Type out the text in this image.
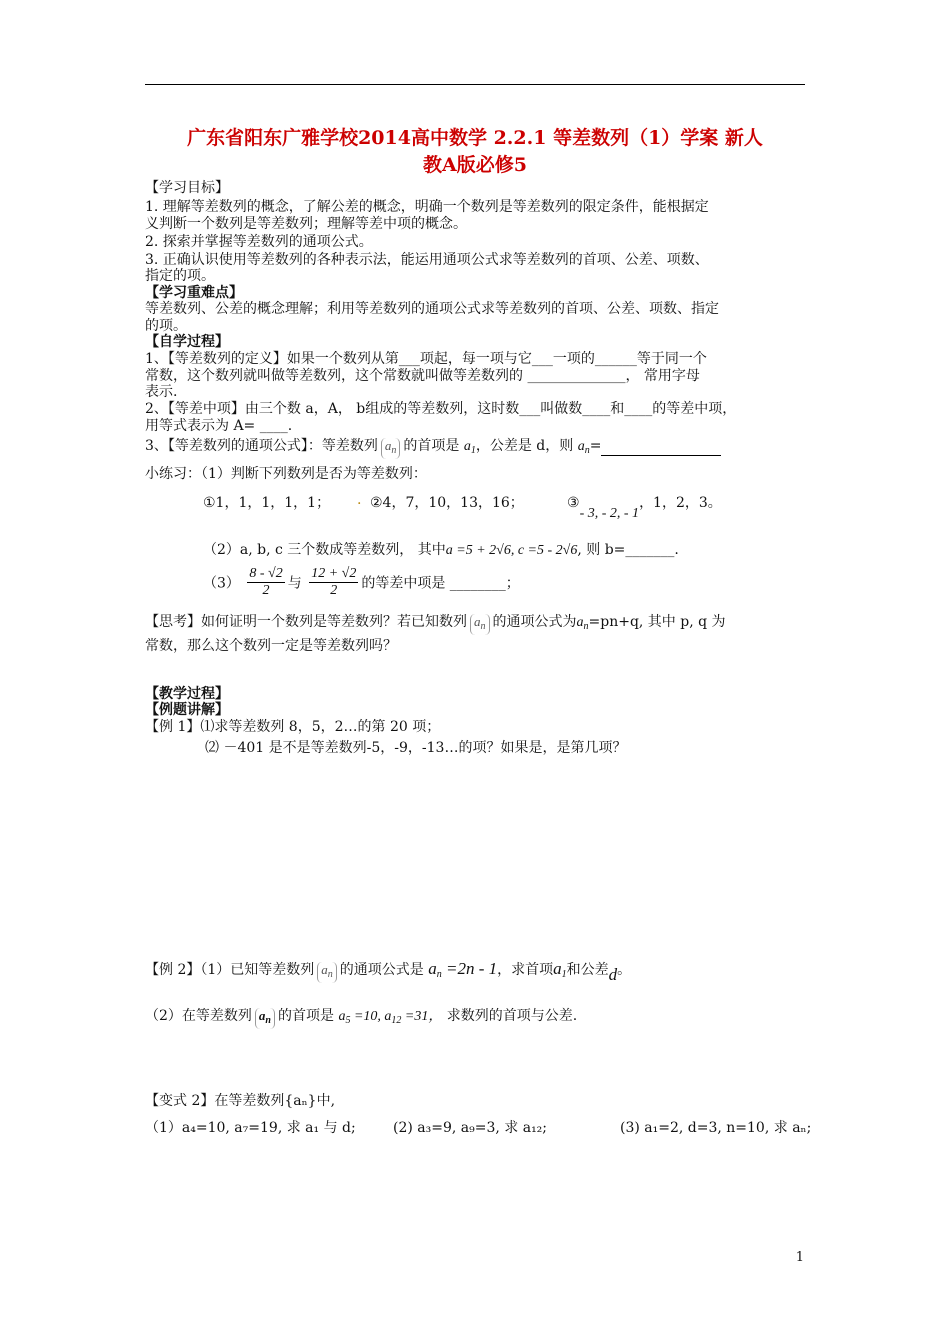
广东省阳东广雅学校2014高中数学 2.2.1 等差数列（1）学案 新人
教A版必修5
【学习目标】
1. 理解等差数列的概念，了解公差的概念，明确一个数列是等差数列的限定条件，能根据定
义判断一个数列是等差数列；理解等差中项的概念。
2. 探索并掌握等差数列的通项公式。
3. 正确认识使用等差数列的各种表示法，能运用通项公式求等差数列的首项、公差、项数、
指定的项。
【学习重难点】
等差数列、公差的概念理解；利用等差数列的通项公式求等差数列的首项、公差、项数、指定
的项。
【自学过程】
1、【等差数列的定义】如果一个数列从第___项起，每一项与它___一项的______等于同一个
常数，这个数列就叫做等差数列，这个常数就叫做等差数列的 ______________， 常用字母
表示.
2、【等差中项】由三个数 a，A， b组成的等差数列，这时数___叫做数____和____的等差中项，
用等式表示为 A= ____.
3、【等差数列的通项公式】：等差数列 $a_n$ 的首项是 $a_1$，公差是 d，则 $a_n=$
小练习：（1）判断下列数列是否为等差数列：
①1，1，1，1，1； . ②4，7，10，13，16；	③- 3, - 2, - 1，1，2，3。
（2）a, b, c 三个数成等差数列， 其中a =5 + 2√6, c =5 - 2√6, 则 b=_______.
$(3) \frac{8 - √2}{2}$ 与 $\frac{12 + √2}{2}$ 的等差中项是 ________；
【思考】如何证明一个数列是等差数列？若已知数列 $a_n$ 的通项公式为$a_n=pn+q$, 其中 p, q 为
常数，那么这个数列一定是等差数列吗？
【教学过程】
【例题讲解】
【例 1】⑴求等差数列 8，5，2…的第 20 项；
⑵ －401 是不是等差数列-5，-9，-13…的项？如果是，是第几项？
【例 2】（1）已知等差数列 $a_n$ 的通项公式是 $a_n =2n - 1$，求首项$a_1$和公差d。
（2）在等差数列 $a_n$ 的首项是 $a_5 =10$, $a_{12} =31$， 求数列的首项与公差.
【变式 2】在等差数列{aₙ}中,
（1）a₄=10, a₇=19, 求 a₁ 与 d;	(2) a₃=9, a₉=3, 求 a₁₂;	(3) a₁=2, d=3, n=10, 求 aₙ;
1
